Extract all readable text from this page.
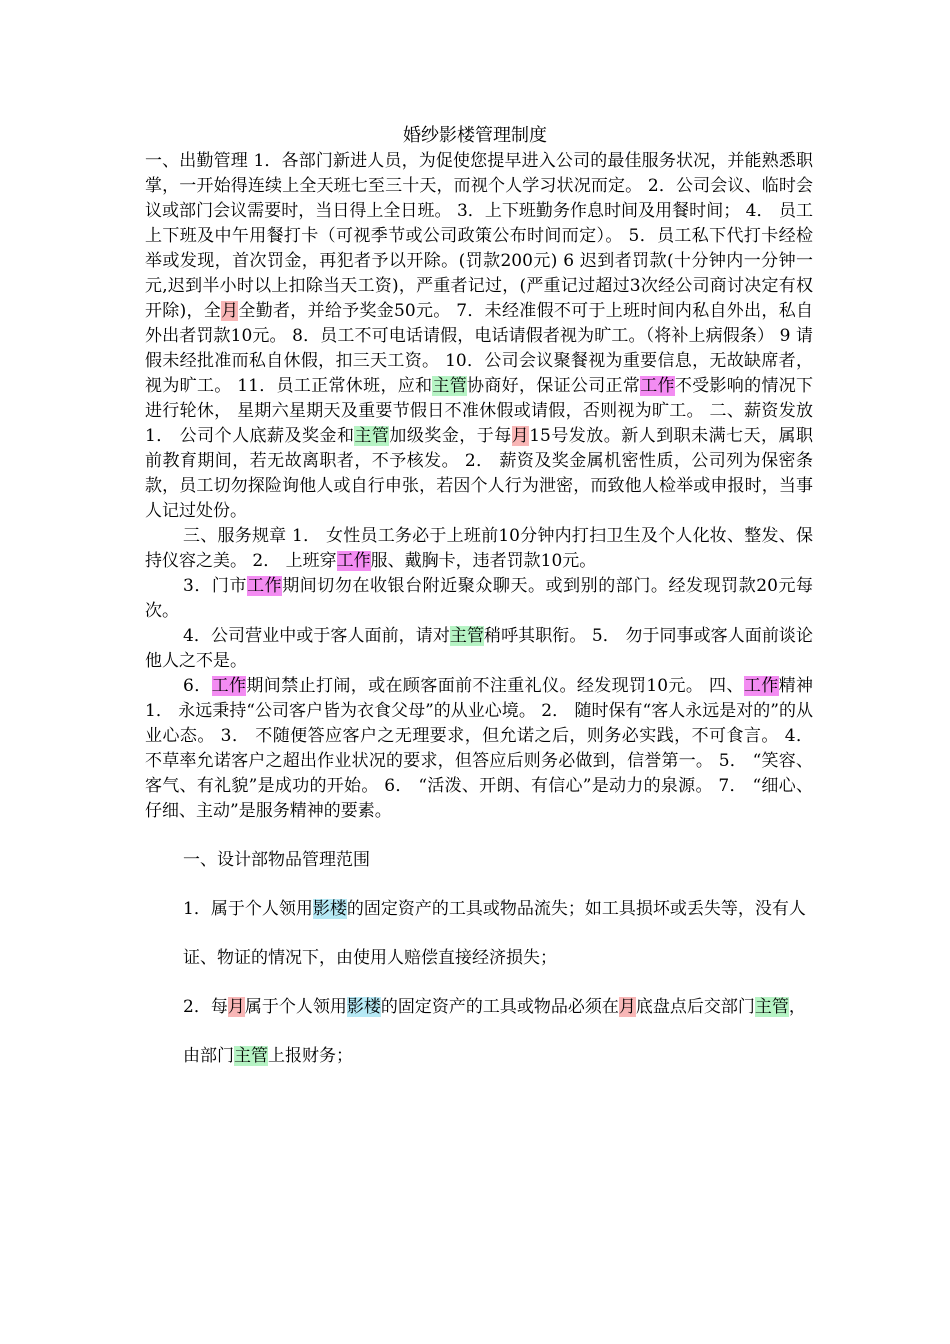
婚纱影楼管理制度

一、出勤管理 1．各部门新进人员，为促使您提早进入公司的最佳服务状况，并能熟悉职掌，一开始得连续上全天班七至三十天，而视个人学习状况而定。 2．公司会议、临时会议或部门会议需要时，当日得上全日班。 3．上下班勤务作息时间及用餐时间； 4． 员工上下班及中午用餐打卡（可视季节或公司政策公布时间而定）。 5．员工私下代打卡经检举或发现，首次罚金，再犯者予以开除。(罚款200元) 6 迟到者罚款(十分钟内一分钟一元,迟到半小时以上扣除当天工资)，严重者记过，(严重记过超过3次经公司商讨决定有权开除)，全月全勤者，并给予奖金50元。 7．未经准假不可于上班时间内私自外出，私自外出者罚款10元。 8．员工不可电话请假，电话请假者视为旷工。（将补上病假条） 9 请假未经批准而私自休假，扣三天工资。 10．公司会议聚餐视为重要信息，无故缺席者，视为旷工。 11．员工正常休班，应和主管协商好，保证公司正常工作不受影响的情况下进行轮休， 星期六星期天及重要节假日不准休假或请假，否则视为旷工。 二、薪资发放 1． 公司个人底薪及奖金和主管加级奖金，于每月15号发放。新人到职未满七天，属职 前教育期间，若无故离职者，不予核发。 2． 薪资及奖金属机密性质，公司列为保密条款，员工切勿探险询他人或自行申张，若因个人行为泄密，而致他人检举或申报时，当事人记过处份。

三、服务规章 1． 女性员工务必于上班前10分钟内打扫卫生及个人化妆、整发、保持仪容之美。 2． 上班穿工作服、戴胸卡，违者罚款10元。

3．门市工作期间切勿在收银台附近聚众聊天。或到别的部门。经发现罚款20元每次。

4．公司营业中或于客人面前，请对主管稍呼其职衔。 5． 勿于同事或客人面前谈论他人之不是。

6．工作期间禁止打闹，或在顾客面前不注重礼仪。经发现罚10元。 四、工作精神 1． 永远秉持“公司客户皆为衣食父母”的从业心境。 2． 随时保有“客人永远是对的”的从业心态。 3． 不随便答应客户之无理要求，但允诺之后，则务必实践，不可食言。 4． 不草率允诺客户之超出作业状况的要求，但答应后则务必做到，信誉第一。 5． “笑容、客气、有礼貌”是成功的开始。 6． “活泼、开朗、有信心”是动力的泉源。 7． “细心、仔细、主动”是服务精神的要素。

一、设计部物品管理范围

1．属于个人领用影楼的固定资产的工具或物品流失；如工具损坏或丢失等，没有人

证、物证的情况下，由使用人赔偿直接经济损失；

2．每月属于个人领用影楼的固定资产的工具或物品必须在月底盘点后交部门主管，

由部门主管上报财务；
